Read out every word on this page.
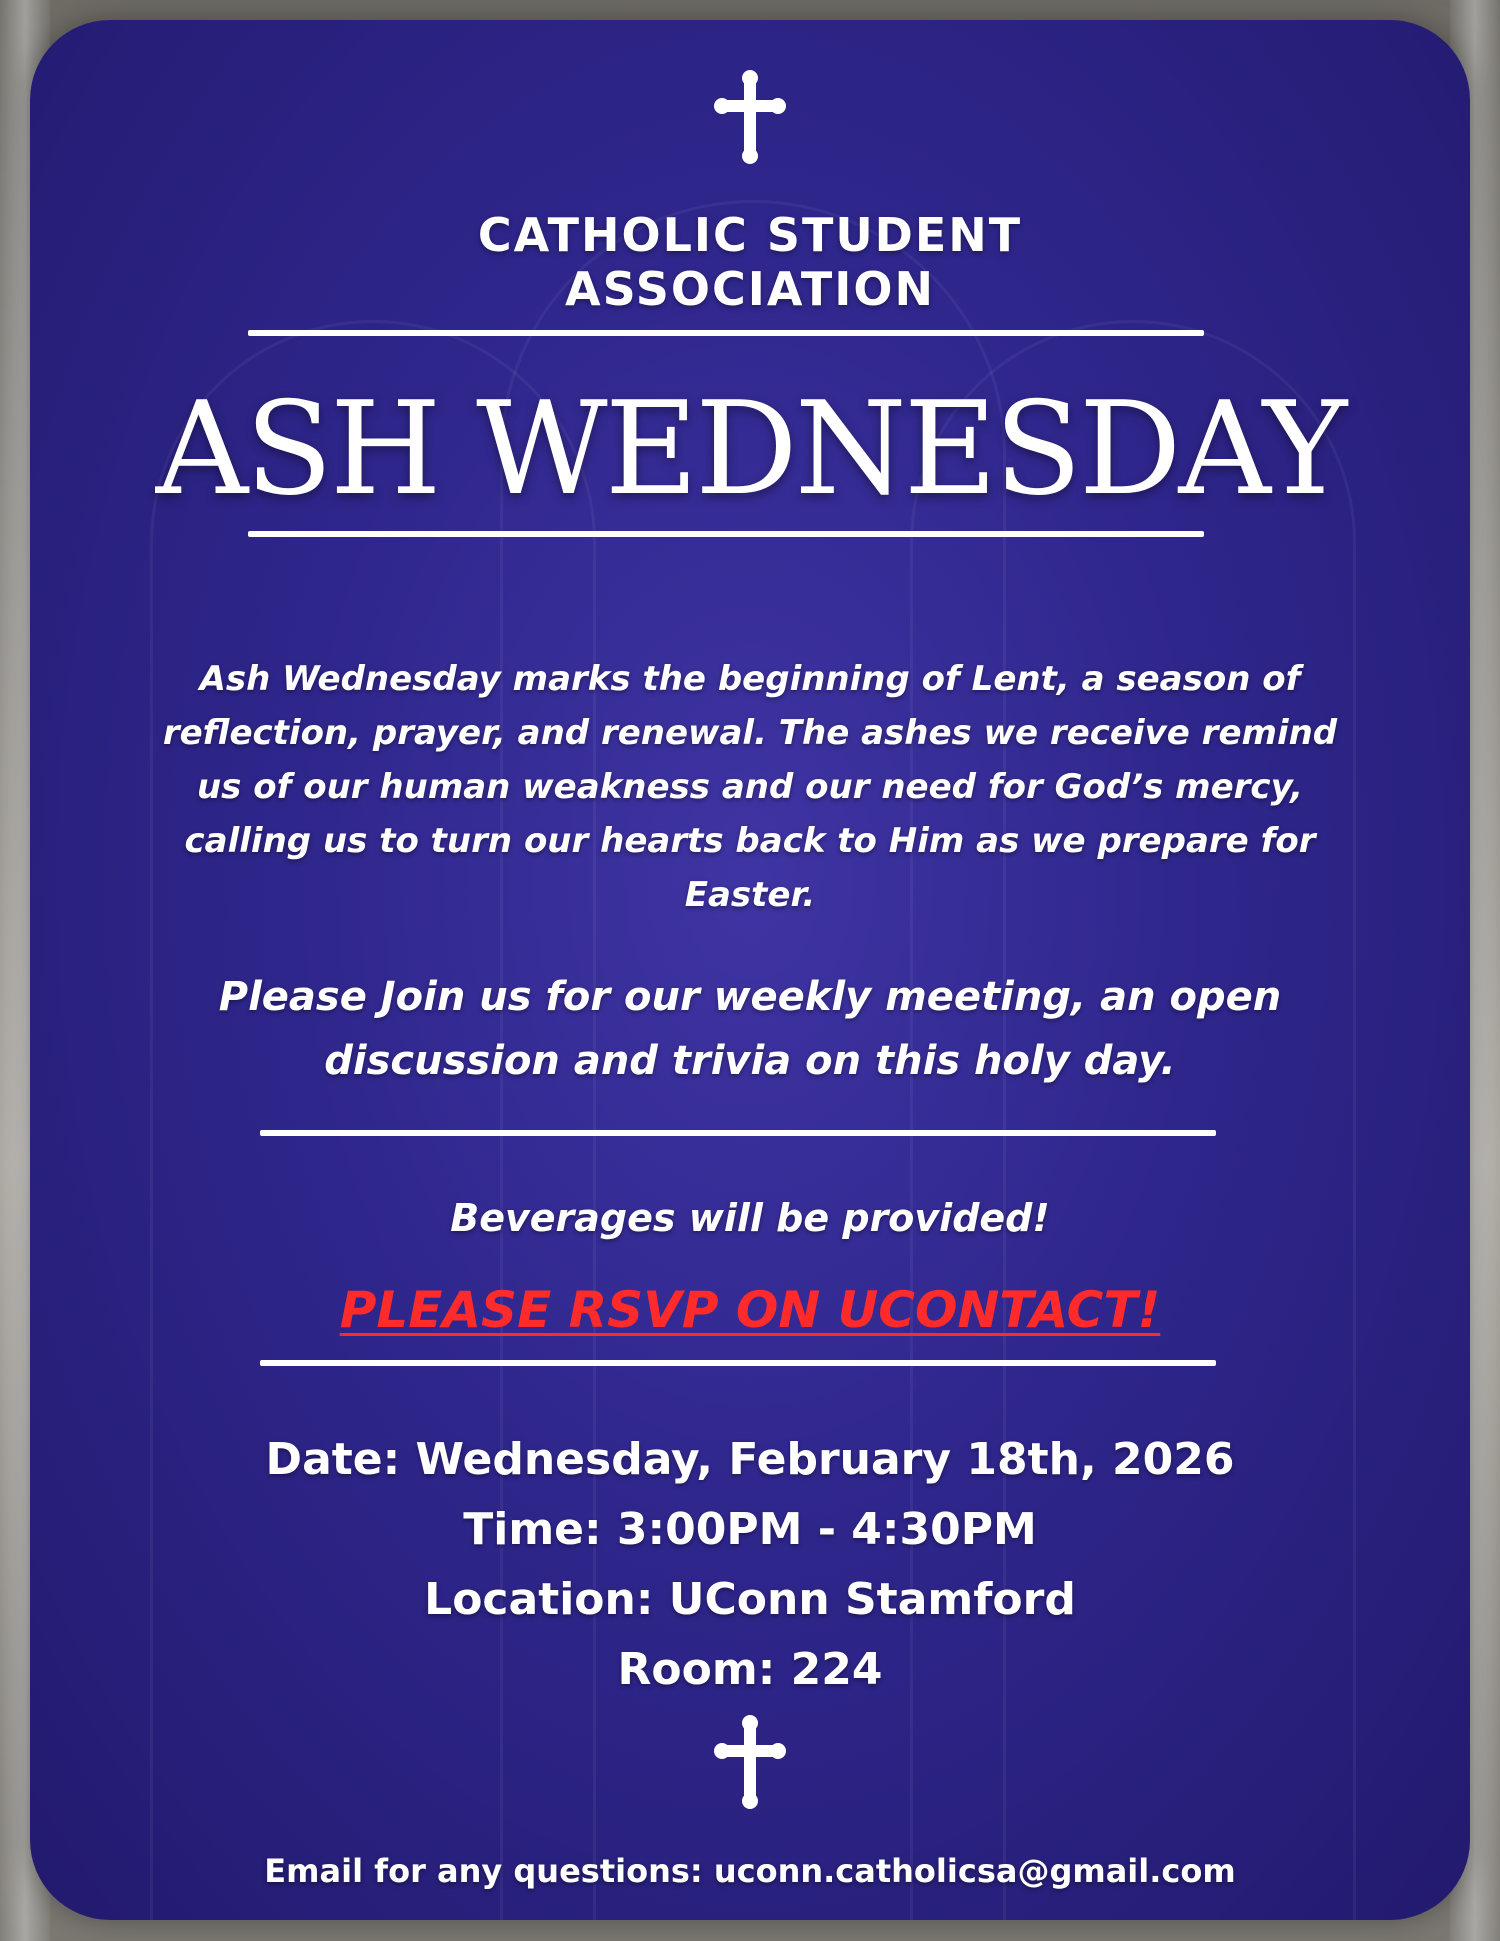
CATHOLIC STUDENT
ASSOCIATION
ASH WEDNESDAY
Ash Wednesday marks the beginning of Lent, a season of reflection, prayer, and renewal. The ashes we receive remind us of our human weakness and our need for God’s mercy, calling us to turn our hearts back to Him as we prepare for Easter.
Please Join us for our weekly meeting, an open discussion and trivia on this holy day.
Beverages will be provided!
PLEASE RSVP ON UCONTACT!
Date: Wednesday, February 18th, 2026
Time: 3:00PM - 4:30PM
Location: UConn Stamford
Room: 224
Email for any questions: uconn.catholicsa@gmail.com
